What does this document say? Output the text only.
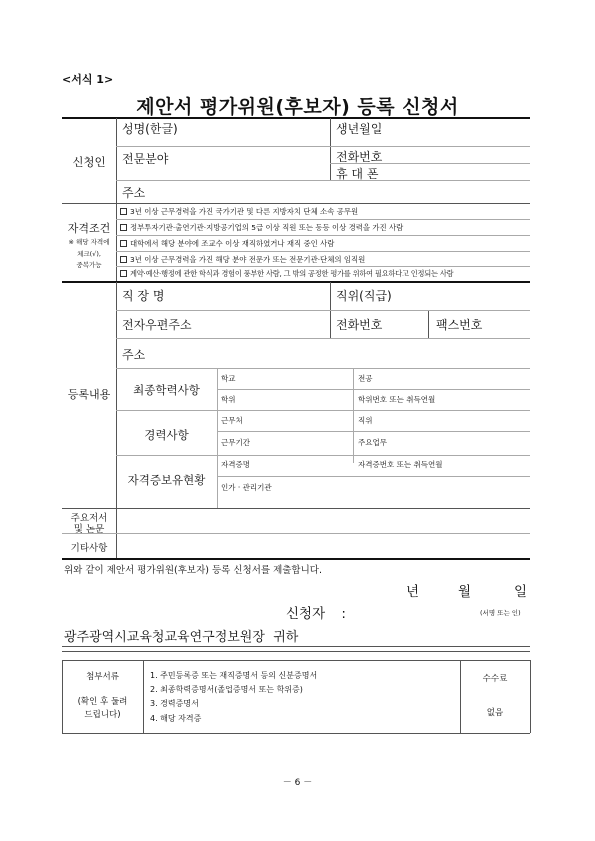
<서식 1>
제안서 평가위원(후보자) 등록 신청서
신청인
성명(한글)	생년월일
전문분야	전화번호
휴 대 폰
주소
자격조건
※ 해당 자격에
체크(√),
중복가능
3년 이상 근무경력을 가진 국가기관 및 다른 지방자치 단체 소속 공무원
정부투자기관·출연기관·지방공기업의 5급 이상 직원 또는 동등 이상 경력을 가진 사람
대학에서 해당 분야에 조교수 이상 재직하였거나 재직 중인 사람
3년 이상 근무경력을 가진 해당 분야 전문가 또는 전문기관·단체의 임직원
계약·예산·행정에 관한 학식과 경험이 풍부한 사람, 그 밖의 공정한 평가를 위하여 필요하다고 인정되는 사람
등록내용
직 장 명	직위(직급)
전자우편주소	전화번호	팩스번호
주소
최종학력사항
학교	전공
학위	학위번호 또는 취득연월
경력사항
근무처	직위
근무기간	주요업무
자격증보유현황
자격증명	자격증번호 또는 취득연월
인가 · 관리기관
주요저서
및 논문
기타사항
위와 같이 제안서 평가위원(후보자) 등록 신청서를 제출합니다.
년	월	일
신청자 :	(서명 또는 인)
광주광역시교육청교육연구정보원장  귀하
첨부서류
(확인 후 둘려
드립니다)
1. 주민등록증 또는 재직증명서 등의 신분증명서
2. 최종학력증명서(졸업증명서 또는 학위증)
3. 경력증명서
4. 해당 자격증
수수료
없음
－ 6 －
